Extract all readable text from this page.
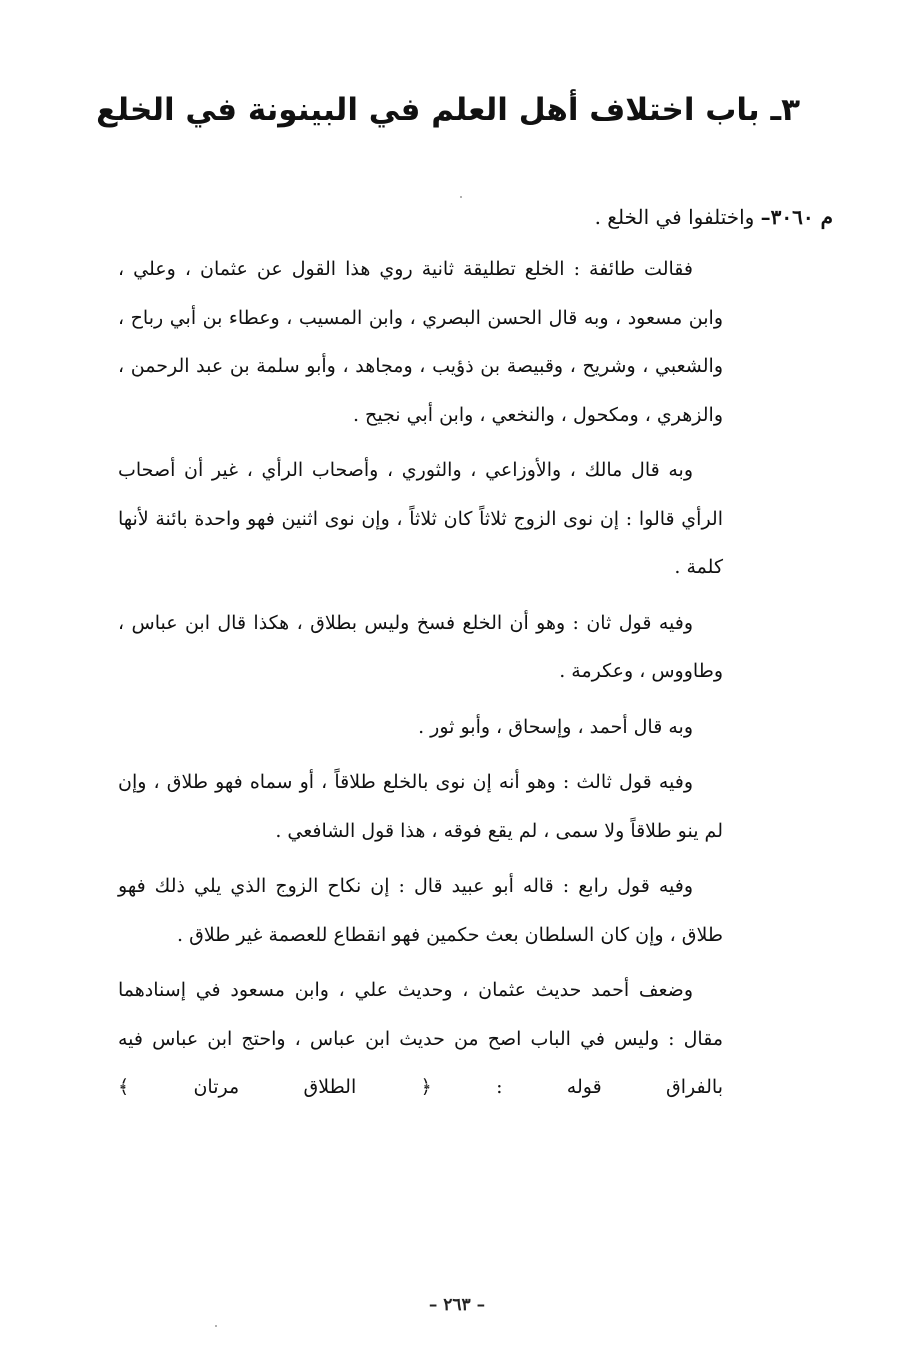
٣ـ باب اختلاف أهل العلم في البينونة في الخلع
م ٣٠٦٠– واختلفوا في الخلع .

فقالت طائفة : الخلع تطليقة ثانية روي هذا القول عن عثمان ، وعلي ، وابن مسعود ، وبه قال الحسن البصري ، وابن المسيب ، وعطاء بن أبي رباح ، والشعبي ، وشريح ، وقبيصة بن ذؤيب ، ومجاهد ، وأبو سلمة بن عبد الرحمن ، والزهري ، ومكحول ، والنخعي ، وابن أبي نجيح .

وبه قال مالك ، والأوزاعي ، والثوري ، وأصحاب الرأي ، غير أن أصحاب الرأي قالوا : إن نوى الزوج ثلاثاً كان ثلاثاً ، وإن نوى اثنين فهو واحدة بائنة لأنها كلمة .

وفيه قول ثان : وهو أن الخلع فسخ وليس بطلاق ، هكذا قال ابن عباس ، وطاووس ، وعكرمة .

وبه قال أحمد ، وإسحاق ، وأبو ثور .

وفيه قول ثالث : وهو أنه إن نوى بالخلع طلاقاً ، أو سماه فهو طلاق ، وإن لم ينو طلاقاً ولا سمى ، لم يقع فوقه ، هذا قول الشافعي .

وفيه قول رابع : قاله أبو عبيد قال : إن نكاح الزوج الذي يلي ذلك فهو طلاق ، وإن كان السلطان بعث حكمين فهو انقطاع للعصمة غير طلاق .

وضعف أحمد حديث عثمان ، وحديث علي ، وابن مسعود في إسنادهما مقال : وليس في الباب اصح من حديث ابن عباس ، واحتج ابن عباس فيه بالفراق قوله : ﴿ الطلاق مرتان ﴾

– ٢٦٣ –
